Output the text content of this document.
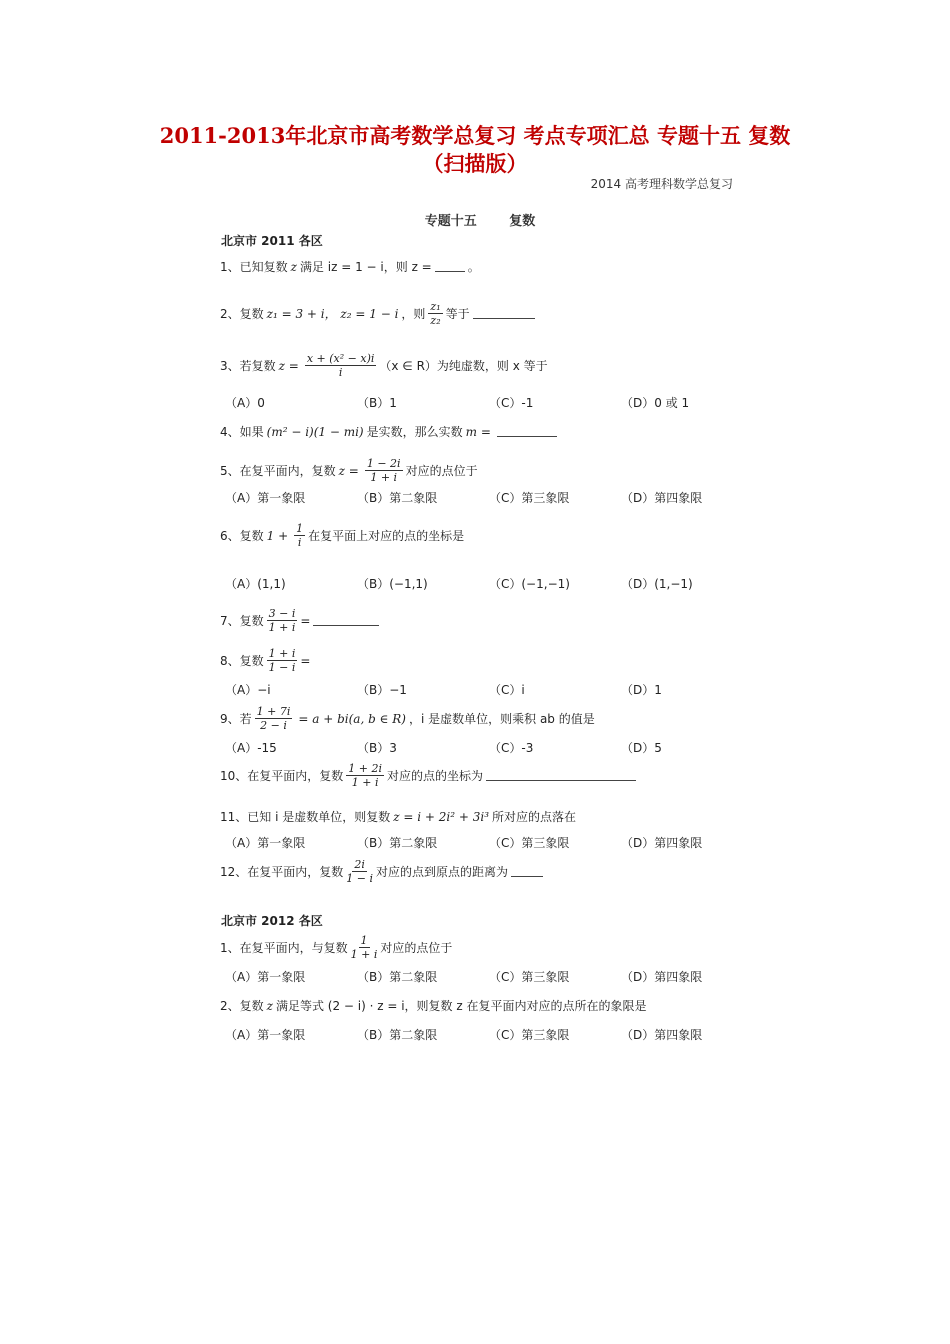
2011-2013年北京市高考数学总复习 考点专项汇总 专题十五 复数（扫描版）
2014 高考理科数学总复习
专题十五	复数
北京市 2011 各区
1、已知复数 z 满足 iz = 1 − i，则 z =	。
2、复数 z₁ = 3 + i， z₂ = 1 − i ，则 $\frac{\text{z₁}}{\text{z₂}}$ 等于
3、若复数 $z = \frac{\text{x + (x² − x)i}}{i} (x$ ∈ R）为纯虚数，则 x 等于
（A）0	（B）1	（C）-1	（D）0 或 1
4、如果 (m² − i)(1 − mi) 是实数，那么实数 m =
5、在复平面内，复数 $z = \frac{1 - 2i}{1 + i}$ 对应的点位于
（A）第一象限	（B）第二象限	（C）第三象限	（D）第四象限
6、复数 $1 + \frac{1}{i}$ 在复平面上对应的点的坐标是
（A）(1,1)	（B）(−1,1)	（C）(−1,−1)	（D）(1,−1)
7、复数 $\frac{3 - i}{1 + i}$ =
8、复数 $\frac{1 + i}{1 - i}$ =
（A）−i	（B）−1	（C）i	（D）1
9、若 $\frac{1 + 7i}{2 - i} = a + bi(a$, b ∈ R) ，i 是虚数单位，则乘积 ab 的值是
（A）-15	（B）3	（C）-3	（D）5
10、在复平面内，复数 $\frac{1 + 2i}{1 + i}$ 对应的点的坐标为
11、已知 i 是虚数单位，则复数 z = i + 2i² + 3i³ 所对应的点落在
（A）第一象限	（B）第二象限	（C）第三象限	（D）第四象限
12、在复平面内，复数 $\frac{2i}{1 - i}$ 对应的点到原点的距离为
北京市 2012 各区
1、在复平面内，与复数 $\frac{1}{1 + i}$ 对应的点位于
（A）第一象限	（B）第二象限	（C）第三象限	（D）第四象限
2、复数 z 满足等式 (2 − i) · z = i，则复数 z 在复平面内对应的点所在的象限是
（A）第一象限	（B）第二象限	（C）第三象限	（D）第四象限
